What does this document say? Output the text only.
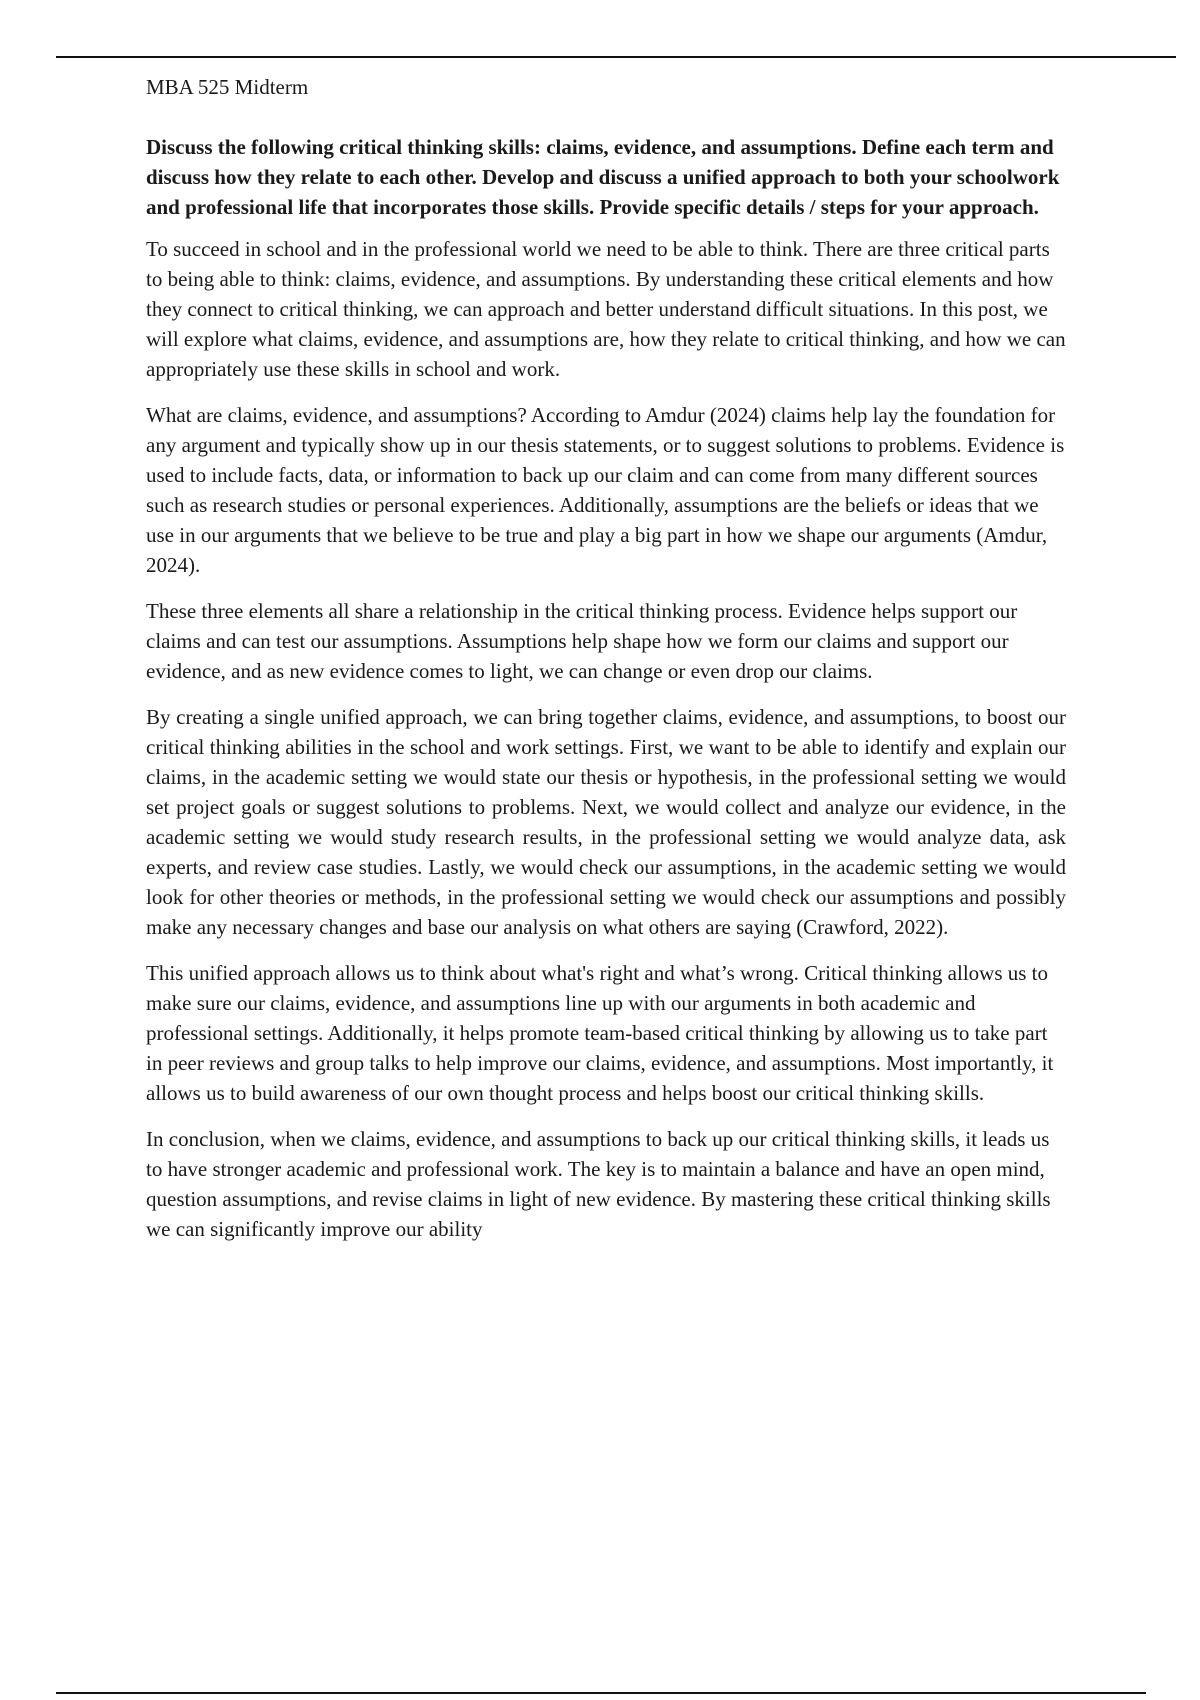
MBA 525 Midterm
Discuss the following critical thinking skills: claims, evidence, and assumptions. Define each term and discuss how they relate to each other. Develop and discuss a unified approach to both your schoolwork and professional life that incorporates those skills. Provide specific details / steps for your approach.

To succeed in school and in the professional world we need to be able to think. There are three critical parts to being able to think: claims, evidence, and assumptions. By understanding these critical elements and how they connect to critical thinking, we can approach and better understand difficult situations. In this post, we will explore what claims, evidence, and assumptions are, how they relate to critical thinking, and how we can appropriately use these skills in school and work.

What are claims, evidence, and assumptions? According to Amdur (2024) claims help lay the foundation for any argument and typically show up in our thesis statements, or to suggest solutions to problems. Evidence is used to include facts, data, or information to back up our claim and can come from many different sources such as research studies or personal experiences. Additionally, assumptions are the beliefs or ideas that we use in our arguments that we believe to be true and play a big part in how we shape our arguments (Amdur, 2024).

These three elements all share a relationship in the critical thinking process. Evidence helps support our claims and can test our assumptions. Assumptions help shape how we form our claims and support our evidence, and as new evidence comes to light, we can change or even drop our claims.

By creating a single unified approach, we can bring together claims, evidence, and assumptions, to boost our critical thinking abilities in the school and work settings. First, we want to be able to identify and explain our claims, in the academic setting we would state our thesis or hypothesis, in the professional setting we would set project goals or suggest solutions to problems. Next, we would collect and analyze our evidence, in the academic setting we would study research results, in the professional setting we would analyze data, ask experts, and review case studies. Lastly, we would check our assumptions, in the academic setting we would look for other theories or methods, in the professional setting we would check our assumptions and possibly make any necessary changes and base our analysis on what others are saying (Crawford, 2022).

This unified approach allows us to think about what's right and what’s wrong. Critical thinking allows us to make sure our claims, evidence, and assumptions line up with our arguments in both academic and professional settings. Additionally, it helps promote team-based critical thinking by allowing us to take part in peer reviews and group talks to help improve our claims, evidence, and assumptions. Most importantly, it allows us to build awareness of our own thought process and helps boost our critical thinking skills.

In conclusion, when we claims, evidence, and assumptions to back up our critical thinking skills, it leads us to have stronger academic and professional work. The key is to maintain a balance and have an open mind, question assumptions, and revise claims in light of new evidence. By mastering these critical thinking skills we can significantly improve our ability
